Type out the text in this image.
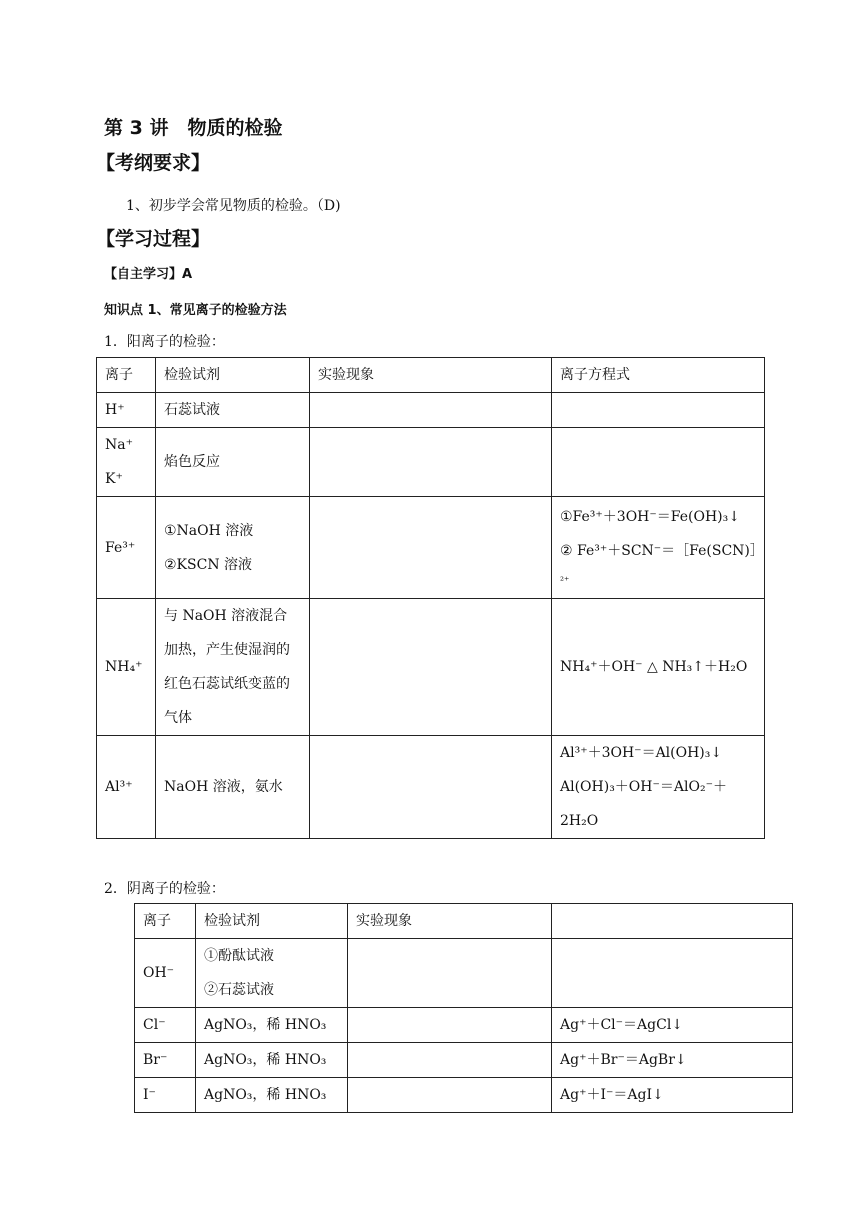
第 3 讲　物质的检验
【考纲要求】
1、初步学会常见物质的检验。（D)
【学习过程】
【自主学习】A
知识点 1、常见离子的检验方法
1．阳离子的检验：
离子	检验试剂	实验现象	离子方程式

H⁺	石蕊试液		

Na⁺
K⁺	焰色反应		

Fe³⁺	①NaOH 溶液
②KSCN 溶液		①Fe³⁺＋3OH⁻＝Fe(OH)₃↓
② Fe³⁺＋SCN⁻＝［Fe(SCN)］
²⁺

NH₄⁺	与 NaOH 溶液混合加热，产生使湿润的红色石蕊试纸变蓝的气体		NH₄⁺＋OH⁻ △ NH₃↑＋H₂O

Al³⁺	NaOH 溶液，氨水		Al³⁺＋3OH⁻＝Al(OH)₃↓
Al(OH)₃＋OH⁻＝AlO₂⁻＋
2H₂O
2．阴离子的检验：
离子	检验试剂	实验现象	

OH⁻	①酚酞试液
②石蕊试液		

Cl⁻	AgNO₃，稀 HNO₃		Ag⁺＋Cl⁻＝AgCl↓

Br⁻	AgNO₃，稀 HNO₃		Ag⁺＋Br⁻＝AgBr↓

I⁻	AgNO₃，稀 HNO₃		Ag⁺＋I⁻＝AgI↓
